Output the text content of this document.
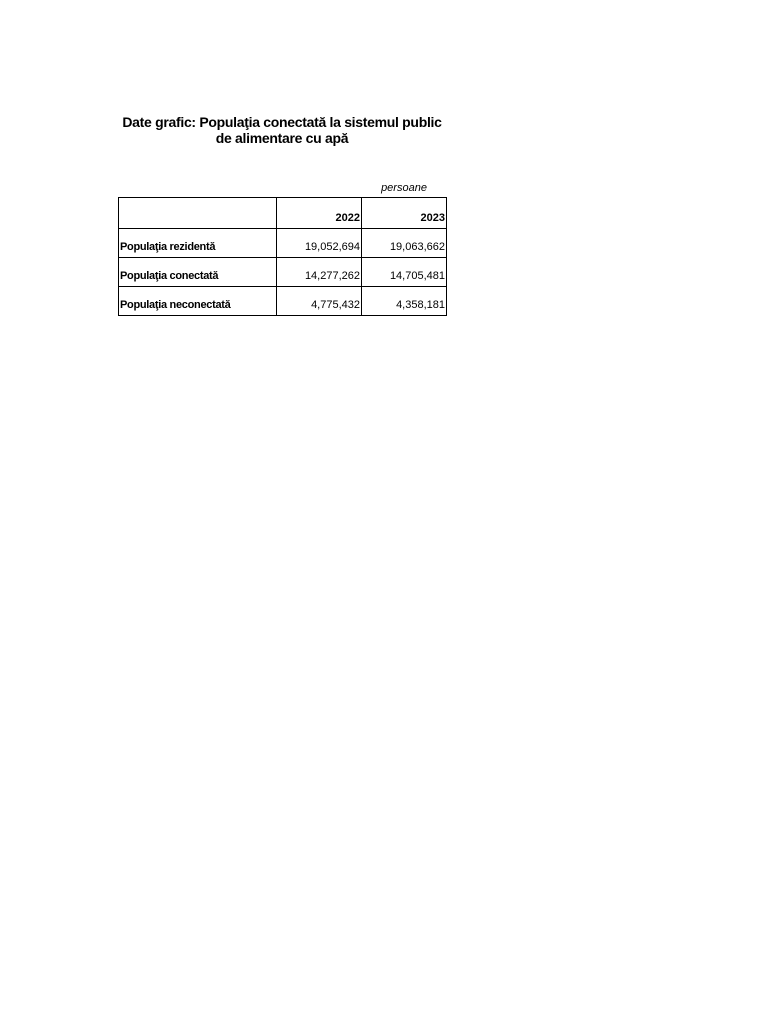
Date grafic: Populaţia conectată la sistemul public
de alimentare cu apă
persoane
	2022	2023
Populaţia rezidentă	19,052,694	19,063,662
Populaţia conectată	14,277,262	14,705,481
Populaţia neconectată	4,775,432	4,358,181
